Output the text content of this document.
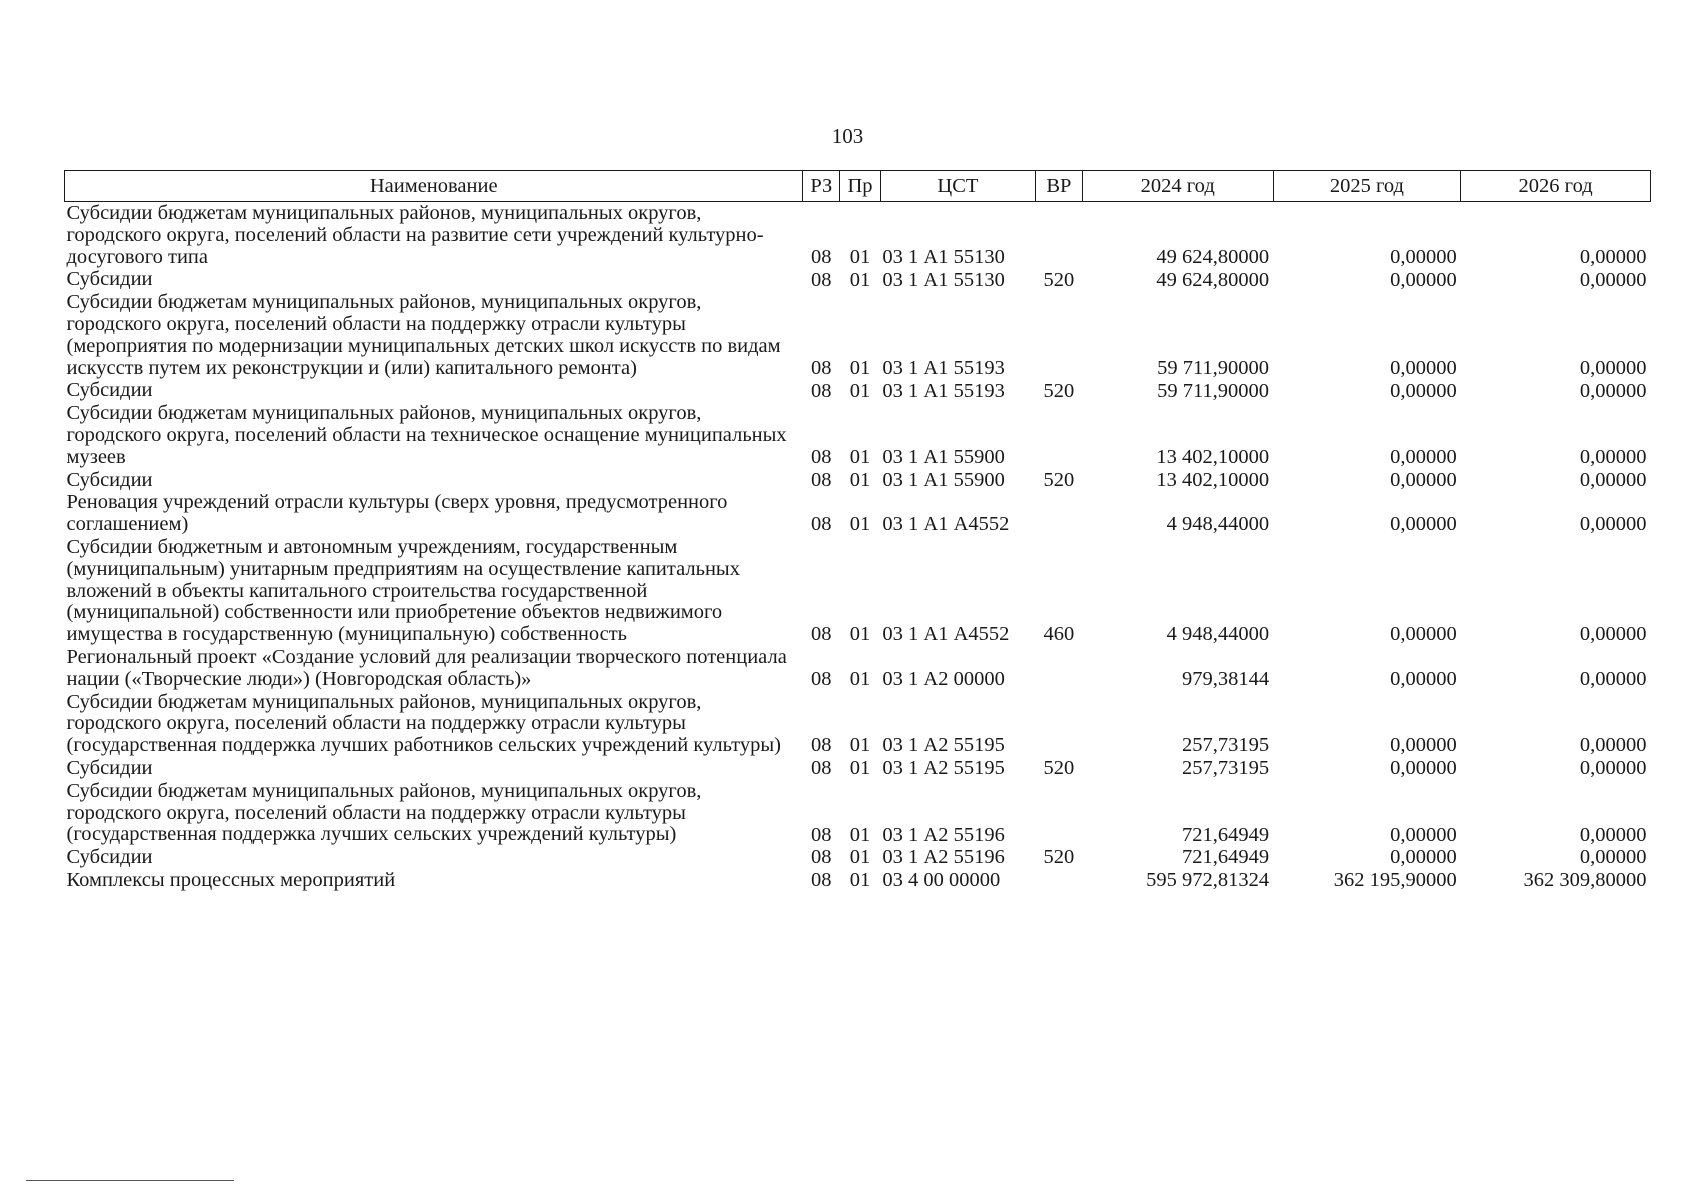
103
Наименование	РЗ	Пр	ЦСТ	ВР	2024 год	2025 год	2026 год
Субсидии бюджетам муниципальных районов, муниципальных округов, городского округа, поселений области на развитие сети учреждений культурно-досугового типа	08	01	03 1 А1 55130		49 624,80000	0,00000	0,00000
Субсидии	08	01	03 1 А1 55130	520	49 624,80000	0,00000	0,00000
Субсидии бюджетам муниципальных районов, муниципальных округов, городского округа, поселений области на поддержку отрасли культуры (мероприятия по модернизации муниципальных детских школ искусств по видам искусств путем их реконструкции и (или) капитального ремонта)	08	01	03 1 А1 55193		59 711,90000	0,00000	0,00000
Субсидии	08	01	03 1 А1 55193	520	59 711,90000	0,00000	0,00000
Субсидии бюджетам муниципальных районов, муниципальных округов, городского округа, поселений области на техническое оснащение муниципальных музеев	08	01	03 1 А1 55900		13 402,10000	0,00000	0,00000
Субсидии	08	01	03 1 А1 55900	520	13 402,10000	0,00000	0,00000
Реновация учреждений отрасли культуры (сверх уровня, предусмотренного соглашением)	08	01	03 1 А1 А4552		4 948,44000	0,00000	0,00000
Субсидии бюджетным и автономным учреждениям, государственным (муниципальным) унитарным предприятиям на осуществление капитальных вложений в объекты капитального строительства государственной (муниципальной) собственности или приобретение объектов недвижимого имущества в государственную (муниципальную) собственность	08	01	03 1 А1 А4552	460	4 948,44000	0,00000	0,00000
Региональный проект «Создание условий для реализации творческого потенциала нации («Творческие люди») (Новгородская область)»	08	01	03 1 А2 00000		979,38144	0,00000	0,00000
Субсидии бюджетам муниципальных районов, муниципальных округов, городского округа, поселений области на поддержку отрасли культуры (государственная поддержка лучших работников сельских учреждений культуры)	08	01	03 1 А2 55195		257,73195	0,00000	0,00000
Субсидии	08	01	03 1 А2 55195	520	257,73195	0,00000	0,00000
Субсидии бюджетам муниципальных районов, муниципальных округов, городского округа, поселений области на поддержку отрасли культуры (государственная поддержка лучших сельских учреждений культуры)	08	01	03 1 А2 55196		721,64949	0,00000	0,00000
Субсидии	08	01	03 1 А2 55196	520	721,64949	0,00000	0,00000
Комплексы процессных мероприятий	08	01	03 4 00 00000		595 972,81324	362 195,90000	362 309,80000
